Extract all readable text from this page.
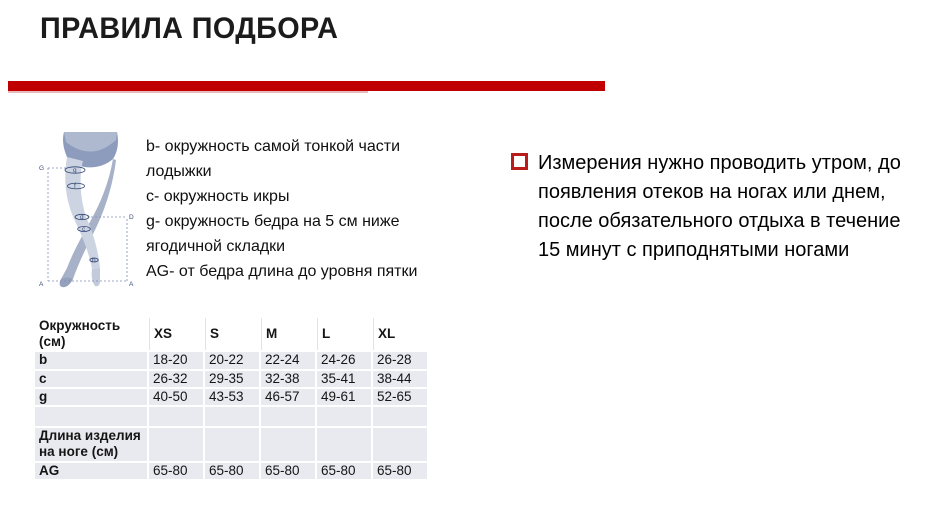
ПРАВИЛА ПОДБОРА
G	g
f
d	D
c
b
A	A

b- окружность самой тонкой части лодыжки

c- окружность икры

g- окружность бедра на 5 см ниже ягодичной складки

AG- от бедра длина до уровня пятки

Измерения нужно проводить утром, до появления отеков на ногах или днем, после обязательного отдыха в течение 15 минут с приподнятыми ногами
Окружность (см)	XS	S	M	L	XL
b	18-20	20-22	22-24	24-26	26-28
c	26-32	29-35	32-38	35-41	38-44
g	40-50	43-53	46-57	49-61	52-65

Длина изделия на ноге (см)					
AG	65-80	65-80	65-80	65-80	65-80
